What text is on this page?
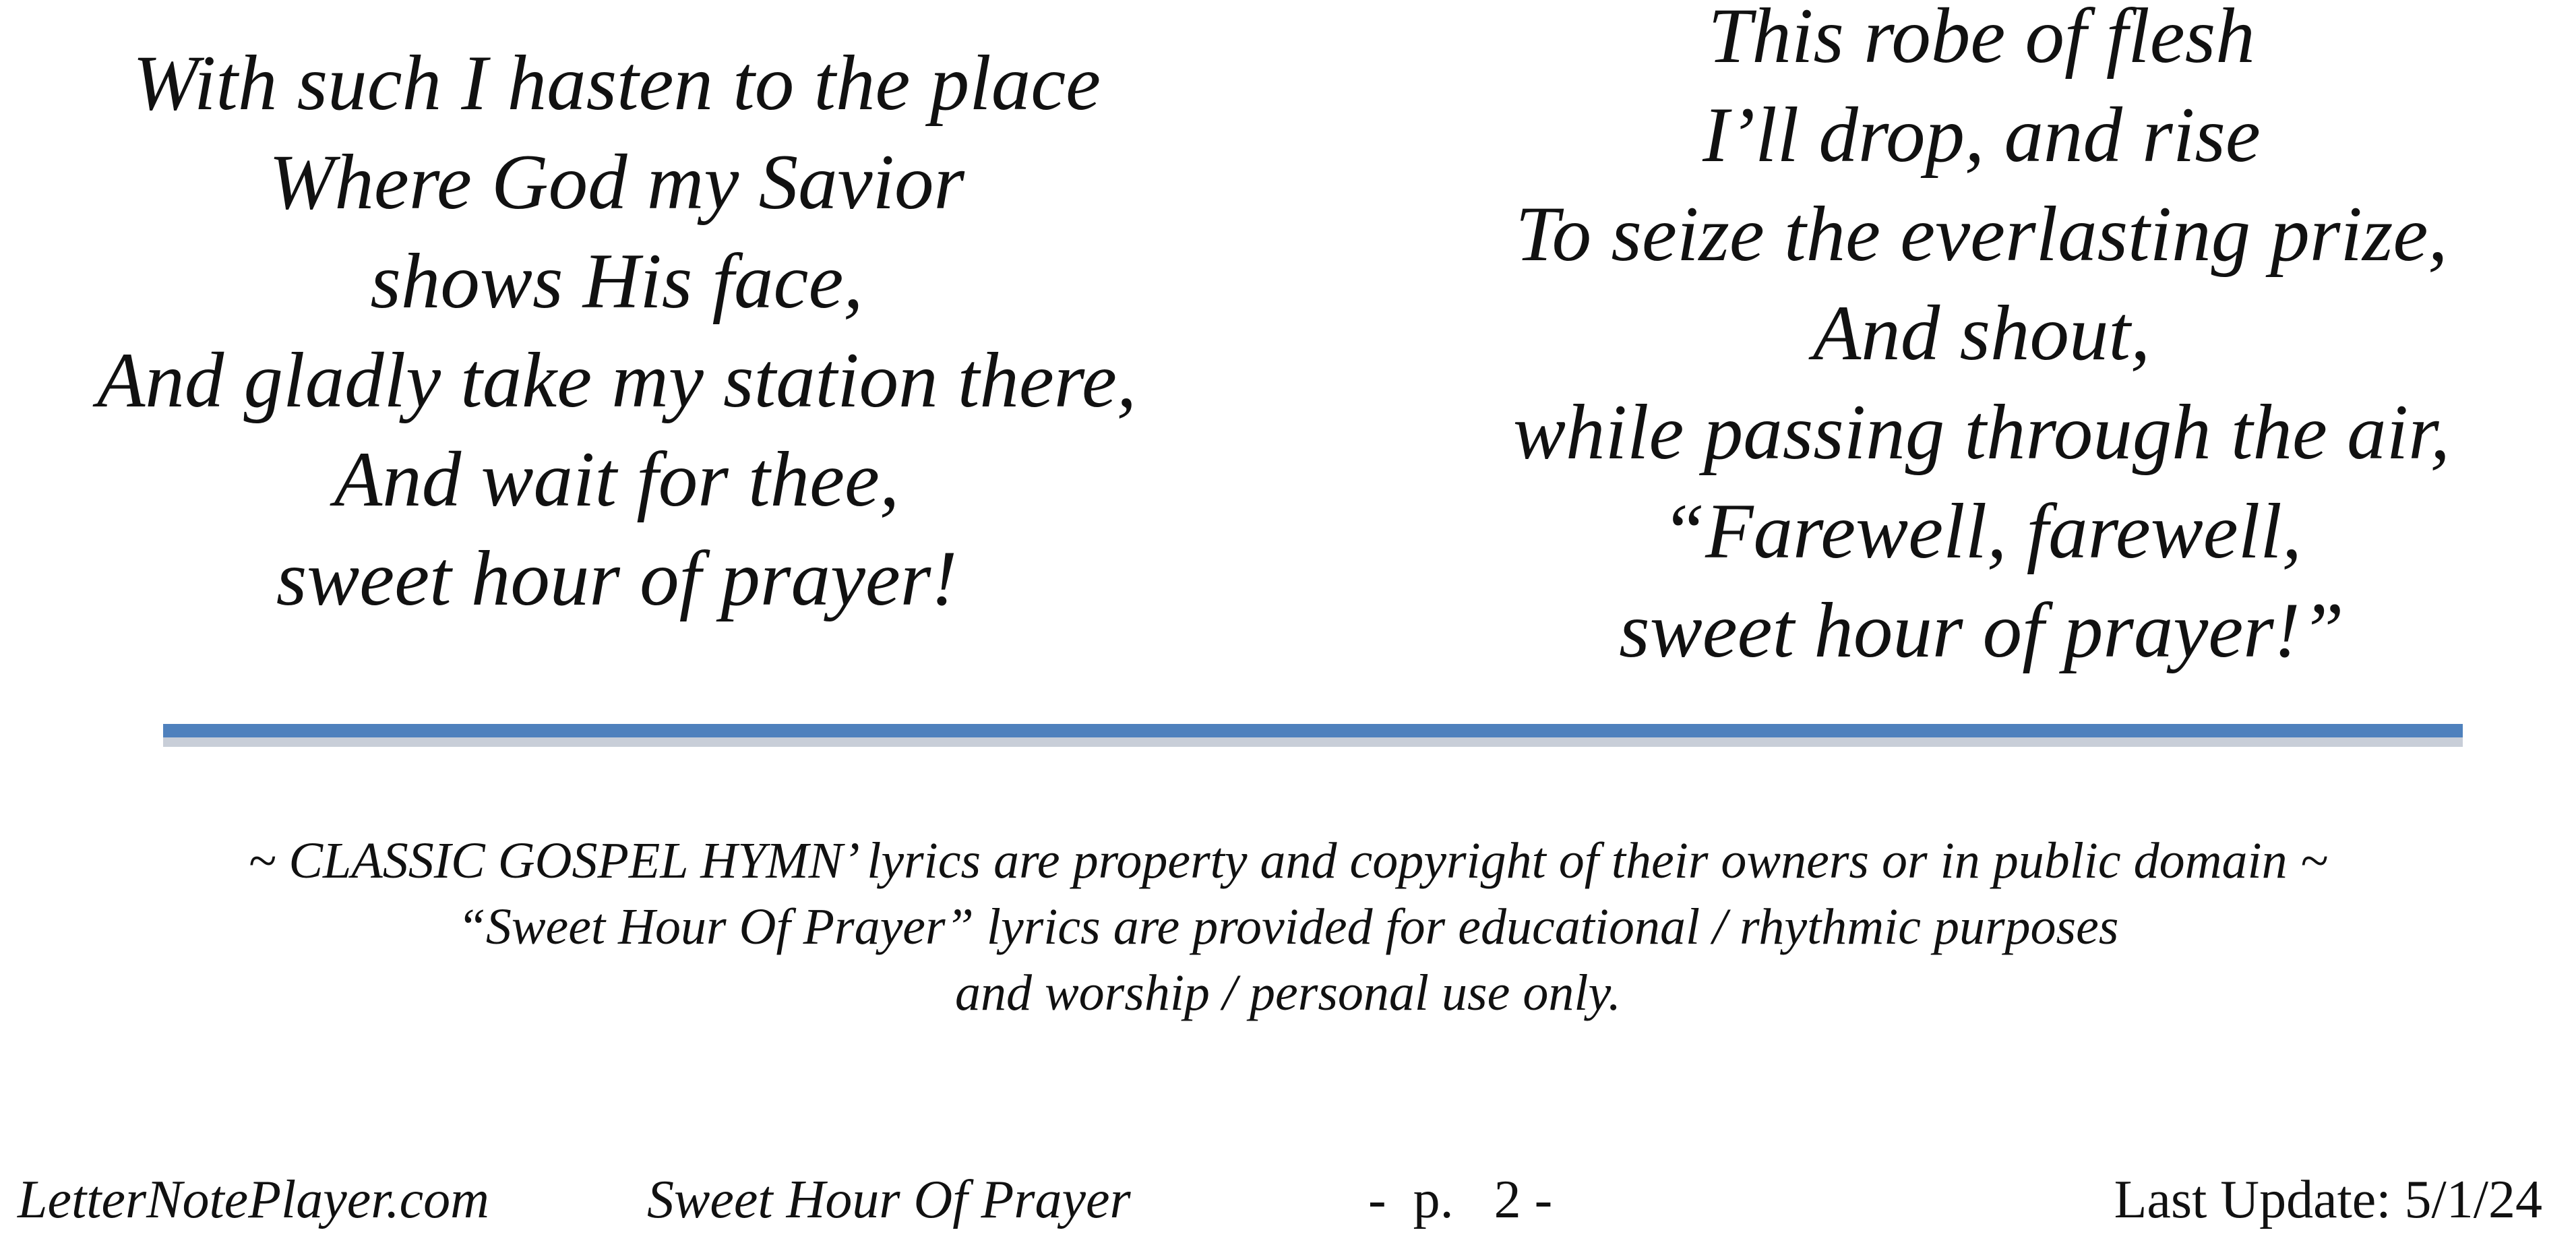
With such I hasten to the place
Where God my Savior
shows His face,
And gladly take my station there,
And wait for thee,
sweet hour of prayer!
This robe of flesh
I’ll drop, and rise
To seize the everlasting prize,
And shout,
while passing through the air,
“Farewell, farewell,
sweet hour of prayer!”
~ CLASSIC GOSPEL HYMN’ lyrics are property and copyright of their owners or in public domain ~
“Sweet Hour Of Prayer” lyrics are provided for educational / rhythmic purposes
and worship / personal use only.
LetterNotePlayer.com	Sweet Hour Of Prayer	-  p.   2 -	Last Update: 5/1/24
